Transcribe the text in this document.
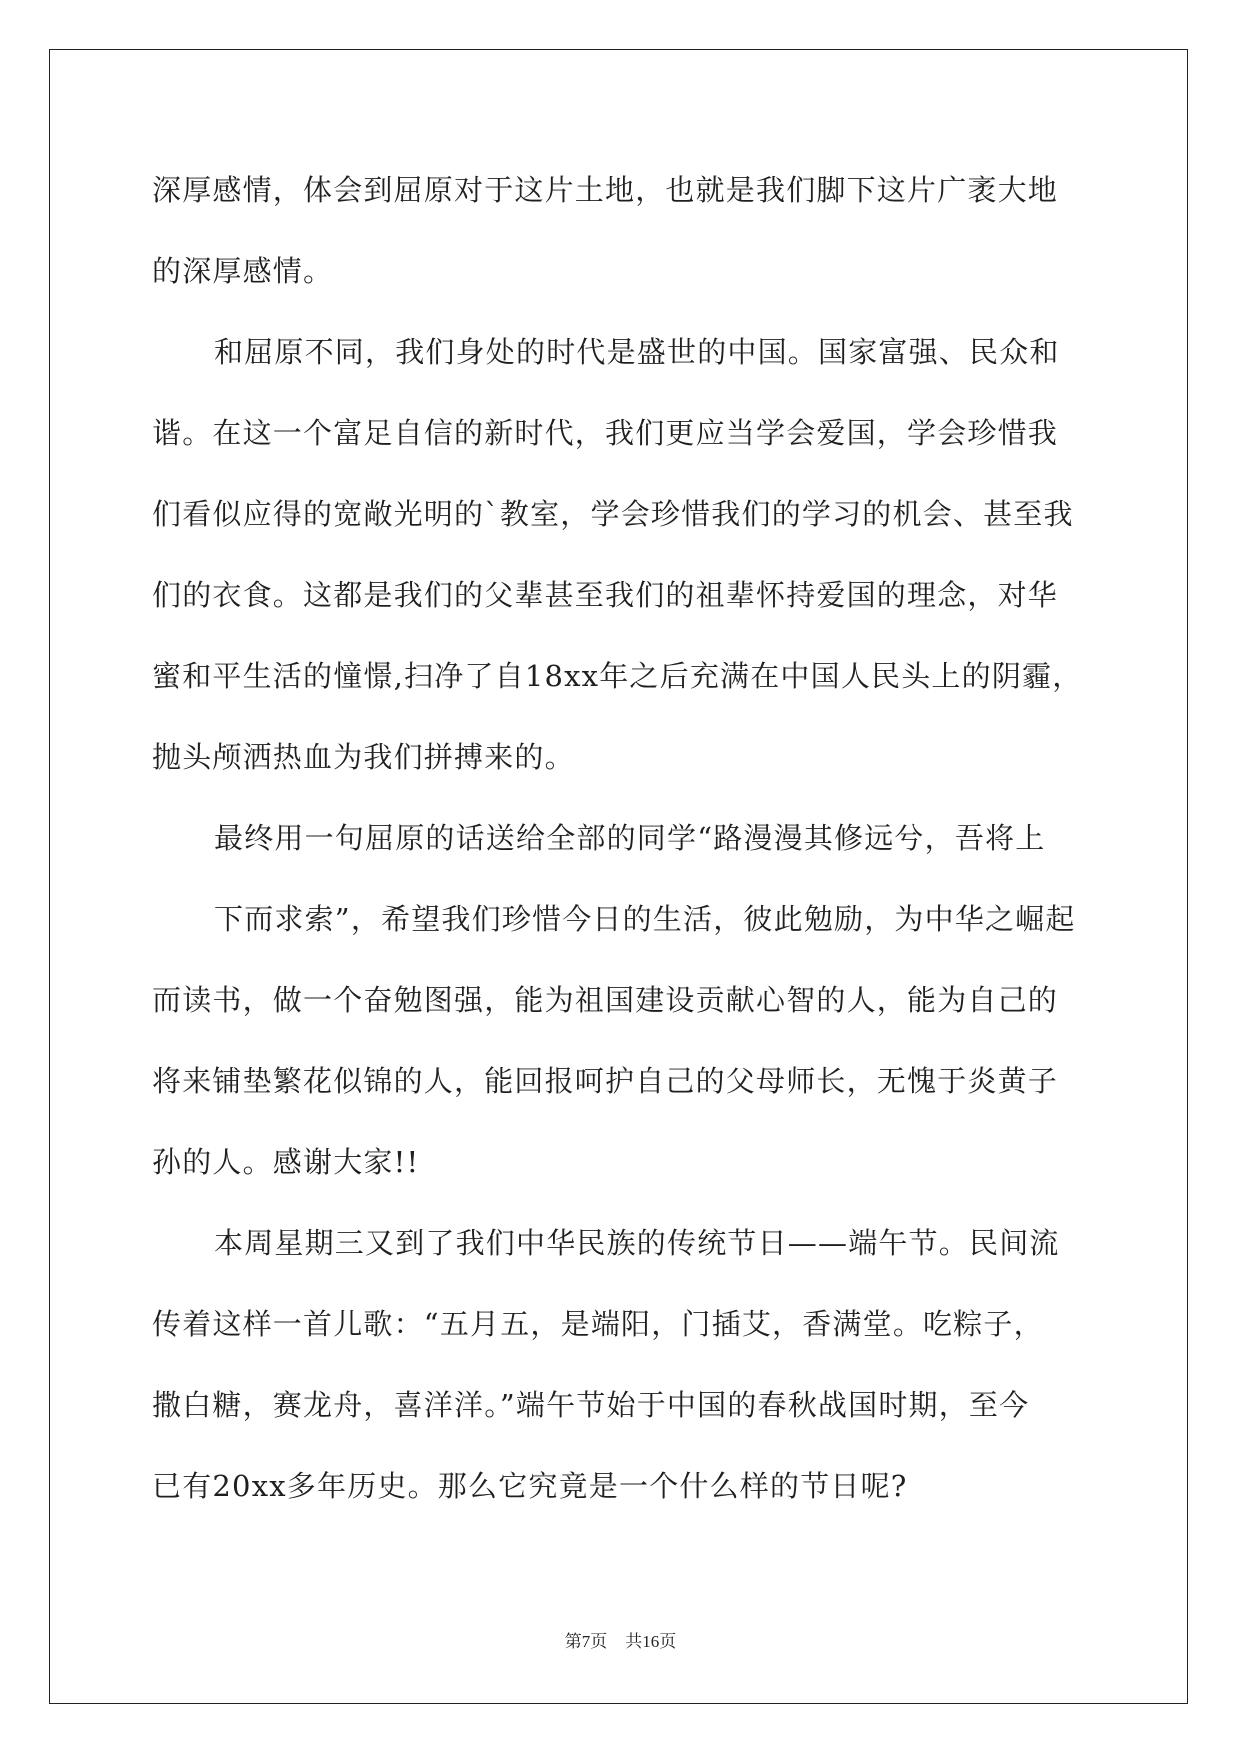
深厚感情，体会到屈原对于这片土地，也就是我们脚下这片广袤大地
的深厚感情。
和屈原不同，我们身处的时代是盛世的中国。国家富强、民众和
谐。在这一个富足自信的新时代，我们更应当学会爱国，学会珍惜我
们看似应得的宽敞光明的`教室，学会珍惜我们的学习的机会、甚至我
们的衣食。这都是我们的父辈甚至我们的祖辈怀持爱国的理念，对华
蜜和平生活的憧憬,扫净了自18xx年之后充满在中国人民头上的阴霾，
抛头颅洒热血为我们拼搏来的。
最终用一句屈原的话送给全部的同学“路漫漫其修远兮，吾将上
下而求索”，希望我们珍惜今日的生活，彼此勉励，为中华之崛起
而读书，做一个奋勉图强，能为祖国建设贡献心智的人，能为自己的
将来铺垫繁花似锦的人，能回报呵护自己的父母师长，无愧于炎黄子
孙的人。感谢大家!!
本周星期三又到了我们中华民族的传统节日——端午节。民间流
传着这样一首儿歌：“五月五，是端阳，门插艾，香满堂。吃粽子，
撒白糖，赛龙舟，喜洋洋。”端午节始于中国的春秋战国时期，至今
已有20xx多年历史。那么它究竟是一个什么样的节日呢?
第7页 共16页
